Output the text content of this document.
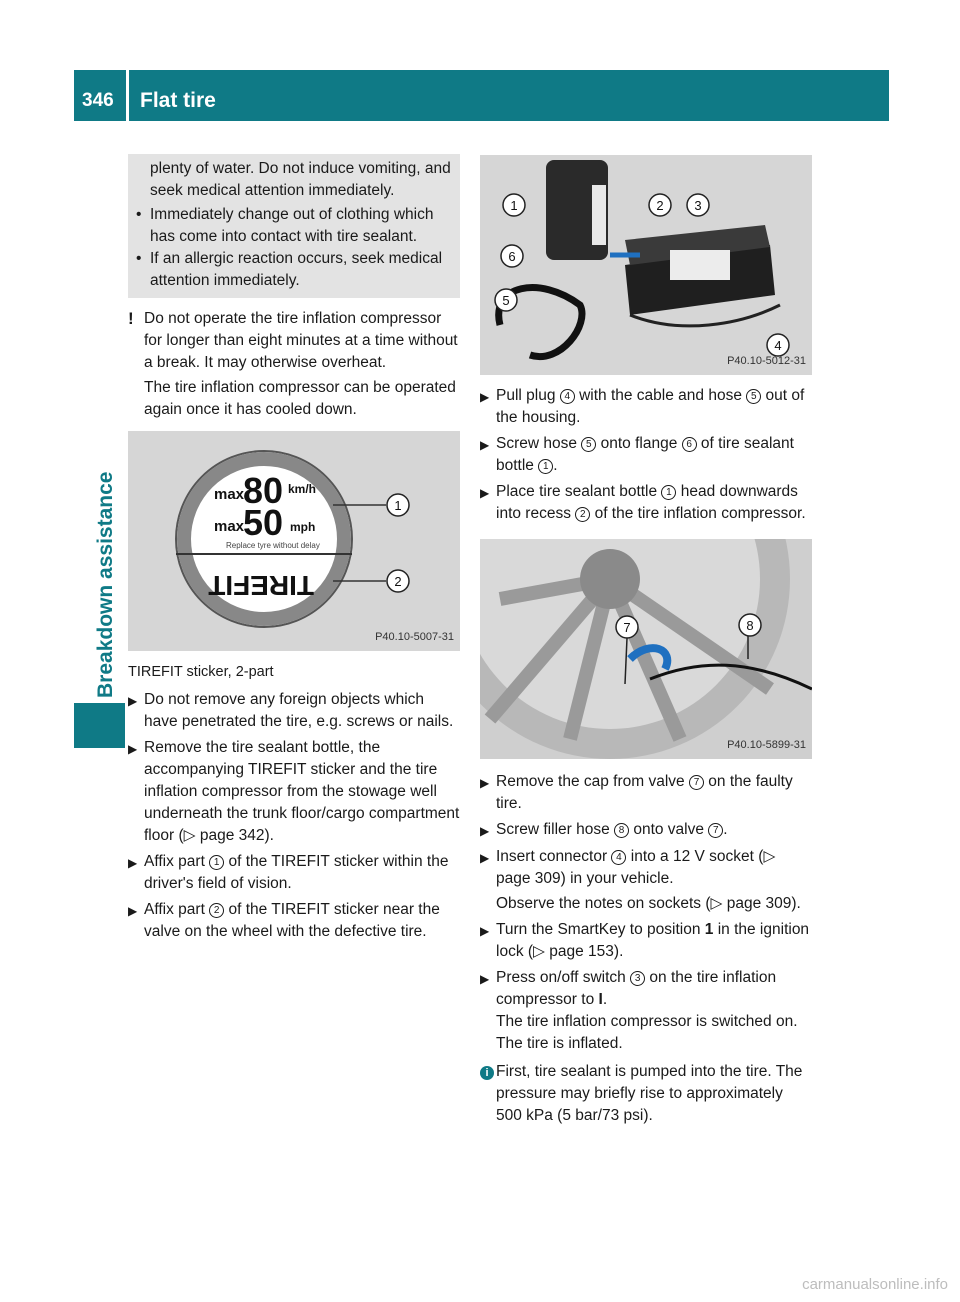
346 Flat tire
Breakdown assistance

plenty of water. Do not induce vomiting, and seek medical attention immediately.

• Immediately change out of clothing which has come into contact with tire sealant.
• If an allergic reaction occurs, seek medical attention immediately.
! Do not operate the tire inflation compressor for longer than eight minutes at a time without a break. It may otherwise overheat.

The tire inflation compressor can be operated again once it has cooled down.

max.
80 km/h
max.
50 mph
Replace tyre without delay
TIREFIT
1
2
P40.10-5007-31

TIREFIT sticker, 2-part

▶ Do not remove any foreign objects which have penetrated the tire, e.g. screws or nails.
▶ Remove the tire sealant bottle, the accompanying TIREFIT sticker and the tire inflation compressor from the stowage well underneath the trunk floor/cargo compartment floor (▷ page 342).
▶ Affix part 1 of the TIREFIT sticker within the driver's field of vision.
▶ Affix part 2 of the TIREFIT sticker near the valve on the wheel with the defective tire.
1	2 3
6
5
4
P40.10-5012-31
▶ Pull plug 4 with the cable and hose 5 out of the housing.
▶ Screw hose 5 onto flange 6 of tire sealant bottle 1 .
▶ Place tire sealant bottle 1 head downwards into recess 2 of the tire inflation compressor.
7	8
P40.10-5899-31
▶ Remove the cap from valve 7 on the faulty tire.
▶ Screw filler hose 8 onto valve 7 .
▶ Insert connector 4 into a 12 V socket (▷ page 309) in your vehicle.

Observe the notes on sockets (▷ page 309).

▶ Turn the SmartKey to position 1 in the ignition lock (▷ page 153).
▶ Press on/off switch 3 on the tire inflation compressor to I.

The tire inflation compressor is switched on. The tire is inflated.

i First, tire sealant is pumped into the tire. The pressure may briefly rise to approximately 500 kPa (5 bar/73 psi).
carmanualsonline.info
